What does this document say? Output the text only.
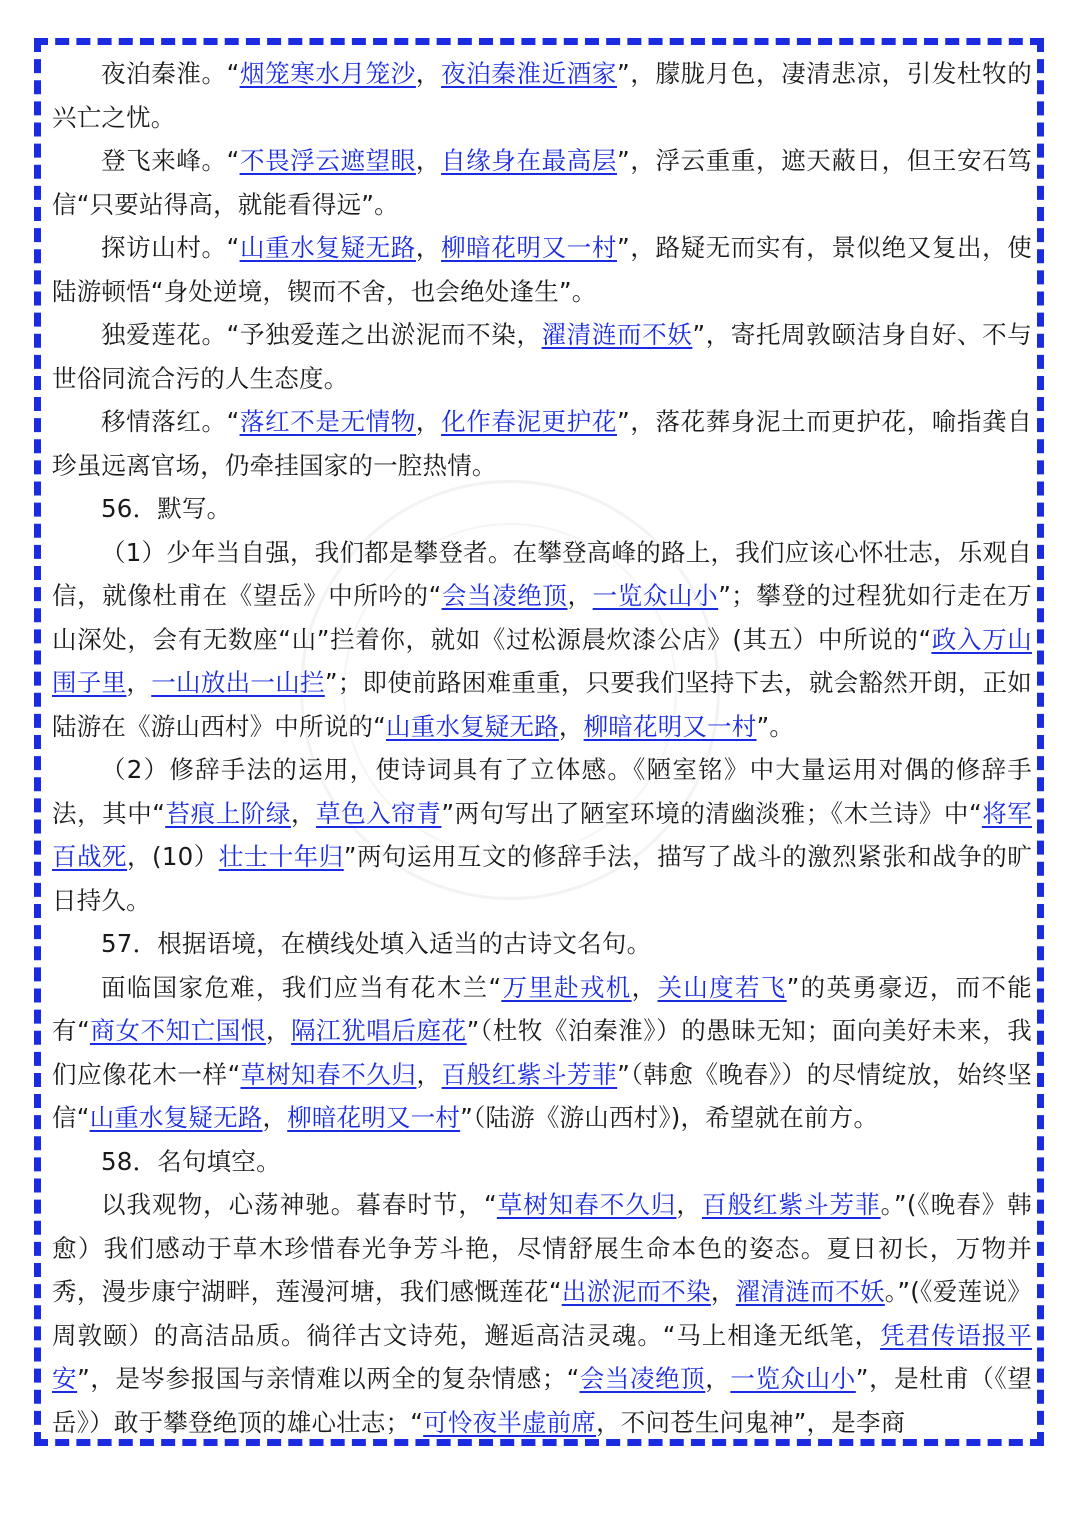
夜泊秦淮。“烟笼寒水月笼沙，夜泊秦淮近酒家”，朦胧月色，凄清悲凉，引发杜牧的兴亡之忧。

登飞来峰。“不畏浮云遮望眼，自缘身在最高层”，浮云重重，遮天蔽日，但王安石笃信“只要站得高，就能看得远”。

探访山村。“山重水复疑无路，柳暗花明又一村”，路疑无而实有，景似绝又复出，使陆游顿悟“身处逆境，锲而不舍，也会绝处逢生”。

独爱莲花。“予独爱莲之出淤泥而不染，濯清涟而不妖”，寄托周敦颐洁身自好、不与世俗同流合污的人生态度。

移情落红。“落红不是无情物，化作春泥更护花”，落花葬身泥土而更护花，喻指龚自珍虽远离官场，仍牵挂国家的一腔热情。

56．默写。

（1）少年当自强，我们都是攀登者。在攀登高峰的路上，我们应该心怀壮志，乐观自信，就像杜甫在《望岳》中所吟的“会当凌绝顶，一览众山小”；攀登的过程犹如行走在万山深处，会有无数座“山”拦着你，就如《过松源晨炊漆公店》(其五）中所说的“政入万山围子里，一山放出一山拦”；即使前路困难重重，只要我们坚持下去，就会豁然开朗，正如陆游在《游山西村》中所说的“山重水复疑无路，柳暗花明又一村”。

（2）修辞手法的运用，使诗词具有了立体感。《陋室铭》中大量运用对偶的修辞手法，其中“苔痕上阶绿，草色入帘青”两句写出了陋室环境的清幽淡雅；《木兰诗》中“将军百战死，(10）壮士十年归”两句运用互文的修辞手法，描写了战斗的激烈紧张和战争的旷日持久。

57．根据语境，在横线处填入适当的古诗文名句。

面临国家危难，我们应当有花木兰“万里赴戎机，关山度若飞”的英勇豪迈，而不能有“商女不知亡国恨，隔江犹唱后庭花”（杜牧《泊秦淮》）的愚昧无知；面向美好未来，我们应像花木一样“草树知春不久归，百般红紫斗芳菲”（韩愈《晚春》）的尽情绽放，始终坚信“山重水复疑无路，柳暗花明又一村”（陆游《游山西村》)，希望就在前方。

58．名句填空。

以我观物，心荡神驰。暮春时节，“草树知春不久归，百般红紫斗芳菲。”(《晚春》韩愈）我们感动于草木珍惜春光争芳斗艳，尽情舒展生命本色的姿态。夏日初长，万物并秀，漫步康宁湖畔，莲漫河塘，我们感慨莲花“出淤泥而不染，濯清涟而不妖。”(《爱莲说》周敦颐）的高洁品质。徜徉古文诗苑，邂逅高洁灵魂。“马上相逢无纸笔，凭君传语报平安”，是岑参报国与亲情难以两全的复杂情感；“会当凌绝顶，一览众山小”，是杜甫（《望岳》）敢于攀登绝顶的雄心壮志；“可怜夜半虚前席，不问苍生问鬼神”，是李商
